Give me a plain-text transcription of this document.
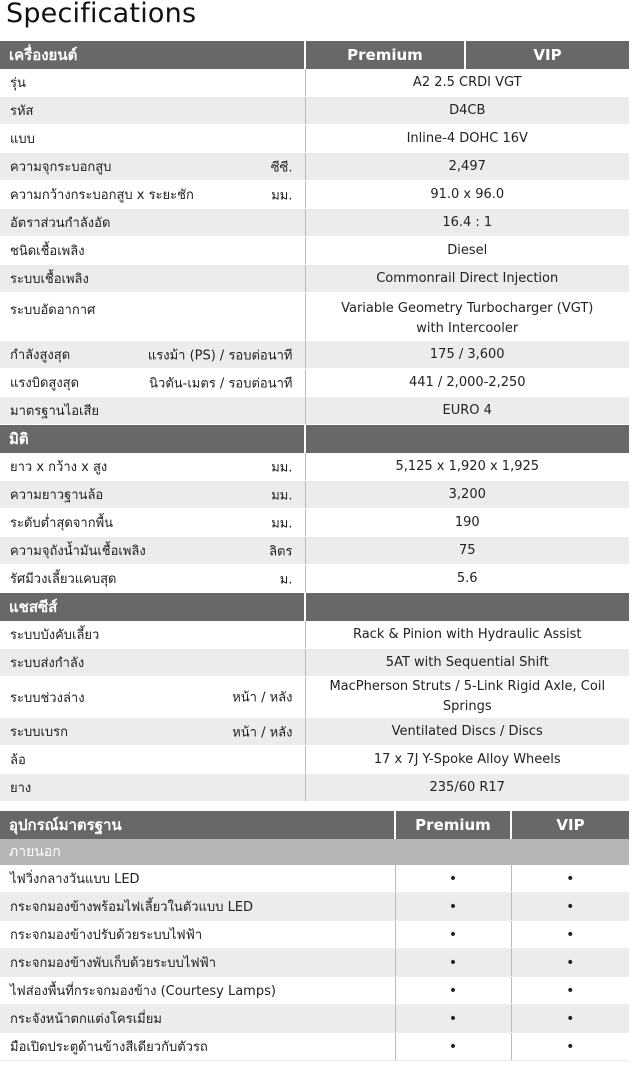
Specifications
เครื่องยนต์	Premium	VIP

รุ่น	A2 2.5 CRDI VGT	

รหัส	D4CB	

แบบ	Inline-4 DOHC 16V	

ความจุกระบอกสูบ ซีซี.	2,497	

ความกว้างกระบอกสูบ x ระยะชัก มม.	91.0 x 96.0	

อัตราส่วนกำลังอัด	16.4 : 1	

ชนิดเชื้อเพลิง	Diesel	

ระบบเชื้อเพลิง	Commonrail Direct Injection	

ระบบอัดอากาศ	Variable Geometry Turbocharger (VGT)
with Intercooler	

กำลังสูงสุด แรงม้า (PS) / รอบต่อนาที	175 / 3,600	

แรงบิดสูงสุด นิวตัน-เมตร / รอบต่อนาที	441 / 2,000-2,250	

มาตรฐานไอเสีย	EURO 4	

มิติ		

ยาว x กว้าง x สูง มม.	5,125 x 1,920 x 1,925	

ความยาวฐานล้อ มม.	3,200	

ระดับต่ำสุดจากพื้น มม.	190	

ความจุถังน้ำมันเชื้อเพลิง ลิตร	75	

รัศมีวงเลี้ยวแคบสุด ม.	5.6	

แชสซีส์		

ระบบบังคับเลี้ยว	Rack & Pinion with Hydraulic Assist	

ระบบส่งกำลัง	5AT with Sequential Shift	

ระบบช่วงล่าง หน้า / หลัง	MacPherson Struts / 5-Link Rigid Axle, Coil Springs	

ระบบเบรก หน้า / หลัง	Ventilated Discs / Discs	

ล้อ	17 x 7J Y-Spoke Alloy Wheels	

ยาง	235/60 R17	
อุปกรณ์มาตรฐาน	Premium	VIP
ภายนอก		
ไฟวิ่งกลางวันแบบ LED	•	•
กระจกมองข้างพร้อมไฟเลี้ยวในตัวแบบ LED	•	•
กระจกมองข้างปรับด้วยระบบไฟฟ้า	•	•
กระจกมองข้างพับเก็บด้วยระบบไฟฟ้า	•	•
ไฟส่องพื้นที่กระจกมองข้าง (Courtesy Lamps)	•	•
กระจังหน้าตกแต่งโครเมี่ยม	•	•
มือเปิดประตูด้านข้างสีเดียวกับตัวรถ	•	•
